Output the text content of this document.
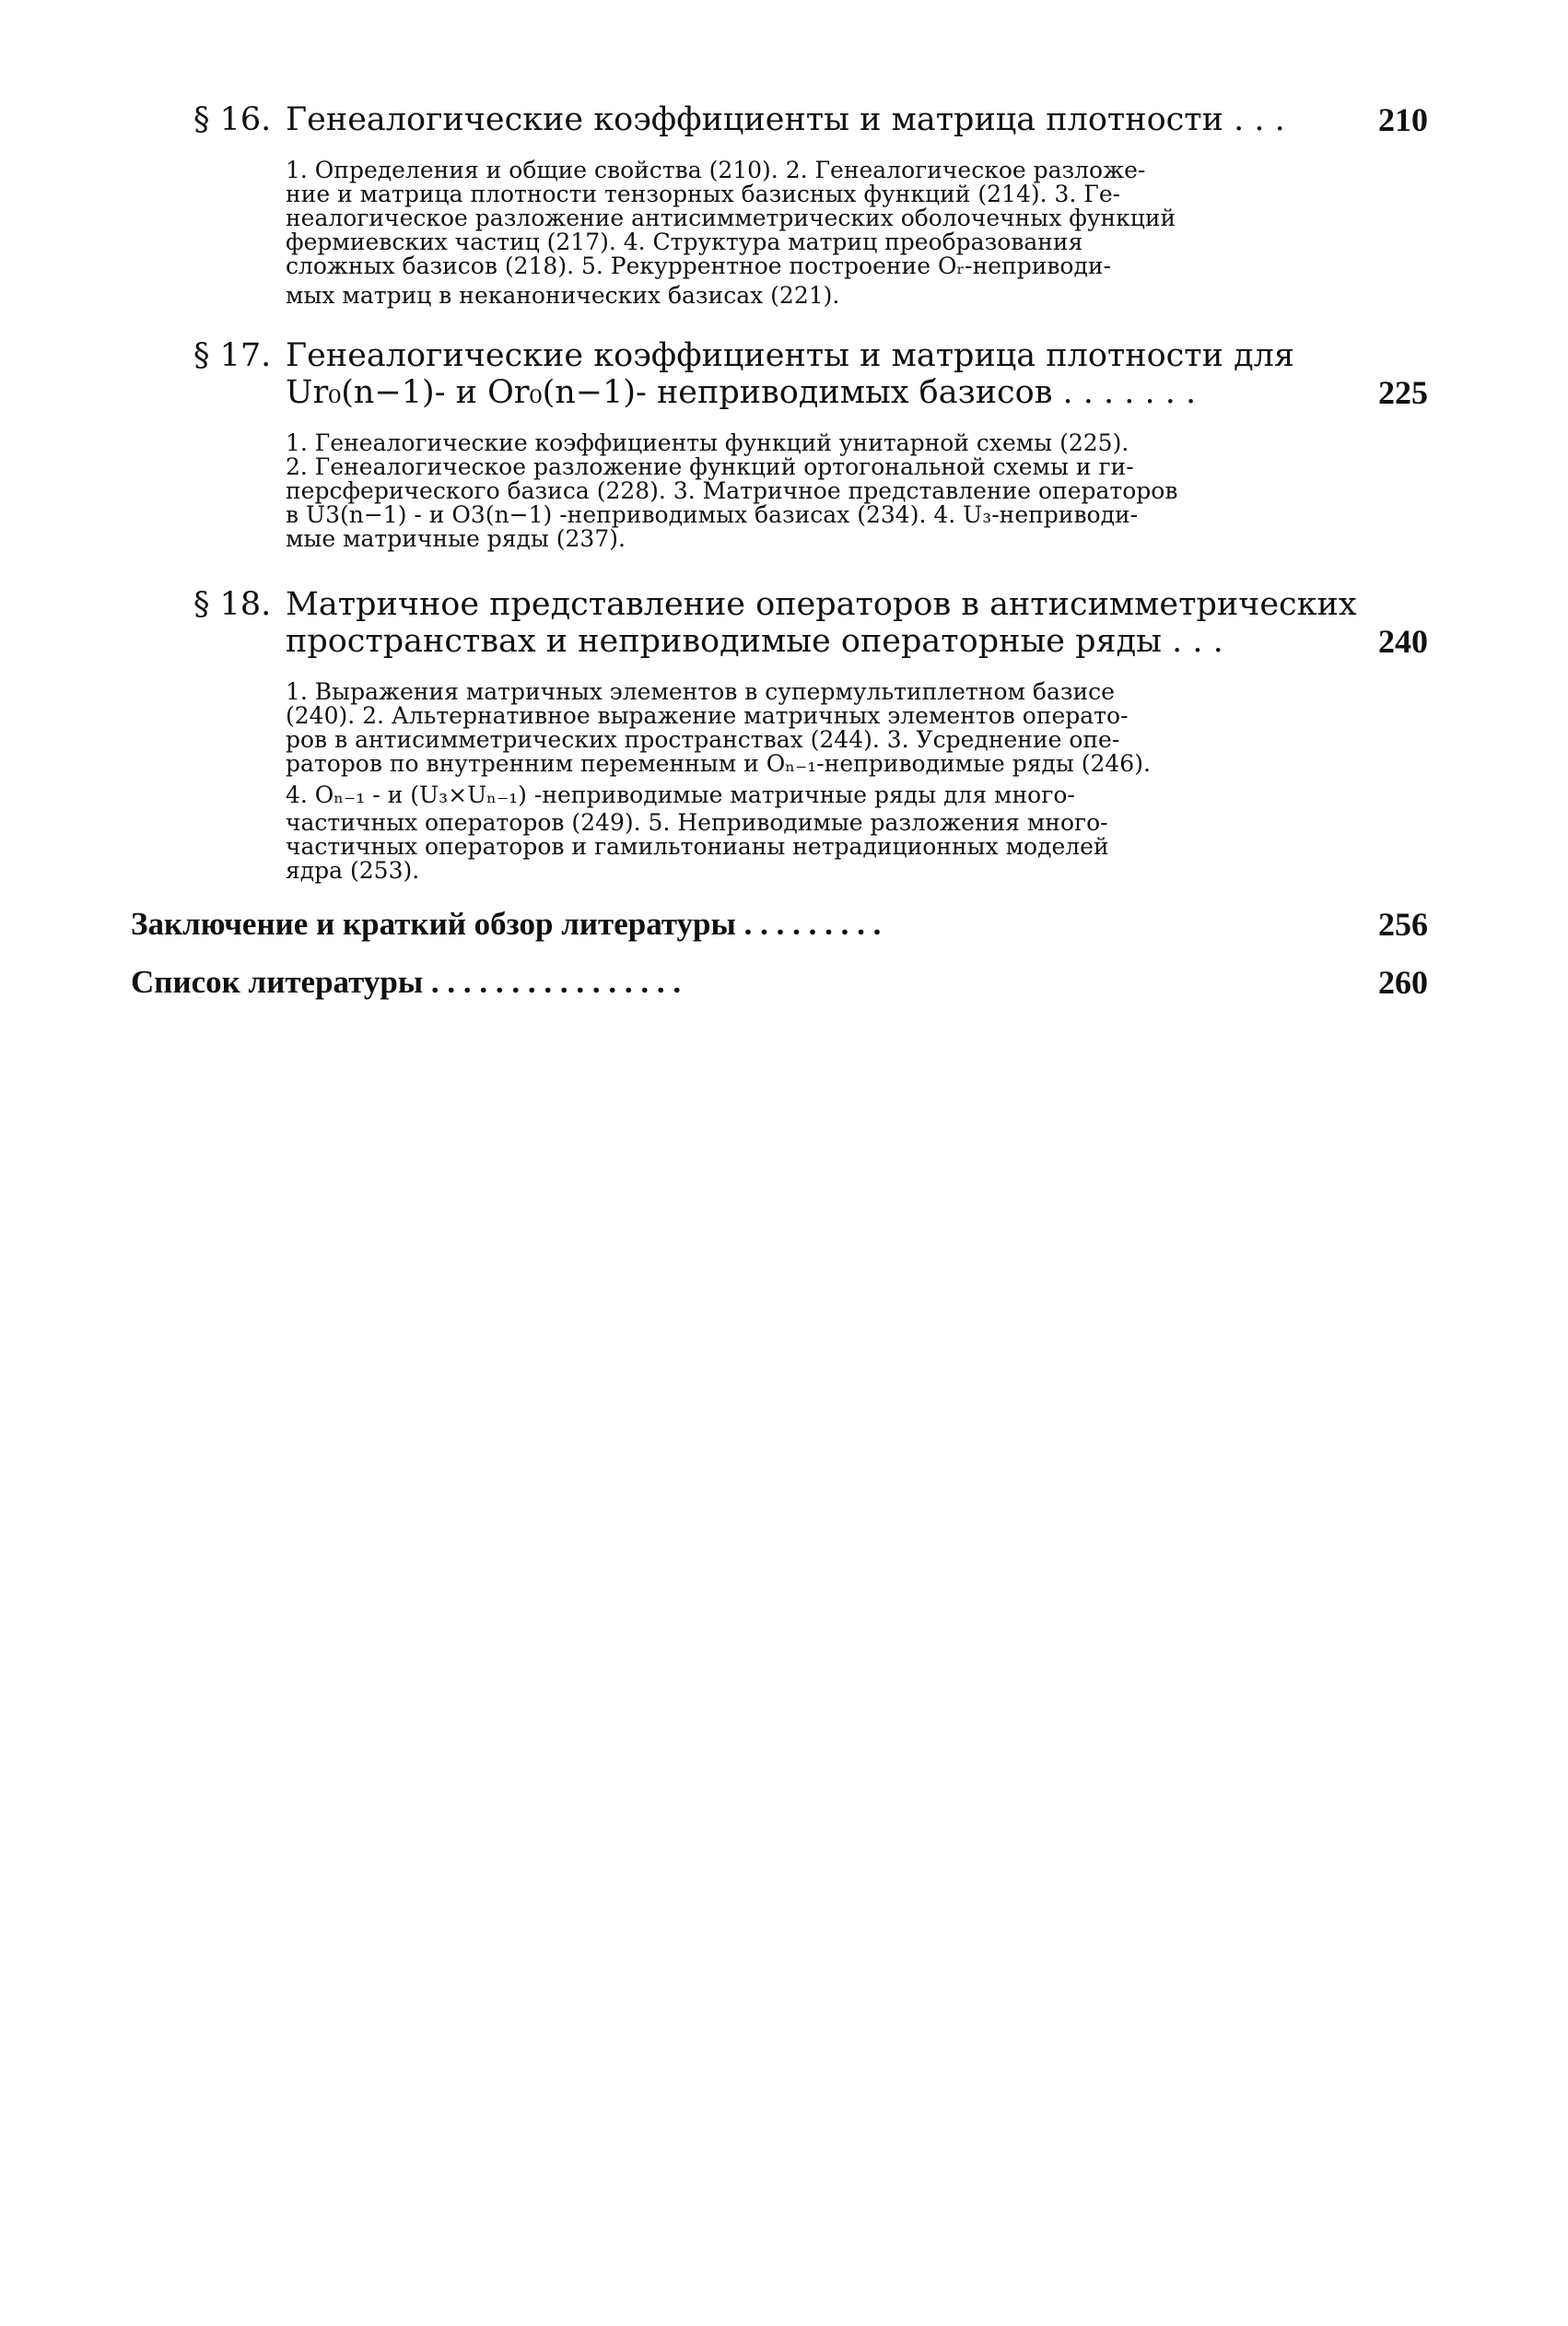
§ 16. Генеалогические коэффициенты и матрица плотности . . .	210
1. Определения и общие свойства (210). 2. Генеалогическое разложе-
ние и матрица плотности тензорных базисных функций (214). 3. Ге-
неалогическое разложение антисимметрических оболочечных функций
фермиевских частиц (217). 4. Структура матриц преобразования
сложных базисов (218). 5. Рекуррентное построение Oᵣ-неприводи-
мых матриц в неканонических базисах (221).
§ 17. Генеалогические коэффициенты и матрица плотности для
Ur₀(n−1)- и Or₀(n−1)- неприводимых базисов . . . . . . .	225
1. Генеалогические коэффициенты функций унитарной схемы (225).
2. Генеалогическое разложение функций ортогональной схемы и ги-
персферического базиса (228). 3. Матричное представление операторов
в U3(n−1) - и O3(n−1) -неприводимых базисах (234). 4. U₃-неприводи-
мые матричные ряды (237).
§ 18. Матричное представление операторов в антисимметрических
пространствах и неприводимые операторные ряды . . .	240
1. Выражения матричных элементов в супермультиплетном базисе
(240). 2. Альтернативное выражение матричных элементов операто-
ров в антисимметрических пространствах (244). 3. Усреднение опе-
раторов по внутренним переменным и Oₙ₋₁-неприводимые ряды (246).
4. Oₙ₋₁ - и (U₃×Uₙ₋₁) -неприводимые матричные ряды для много-
частичных операторов (249). 5. Неприводимые разложения много-
частичных операторов и гамильтонианы нетрадиционных моделей
ядра (253).
Заключение и краткий обзор литературы . . . . . . . . .	256
Список литературы . . . . . . . . . . . . . . . .	260
